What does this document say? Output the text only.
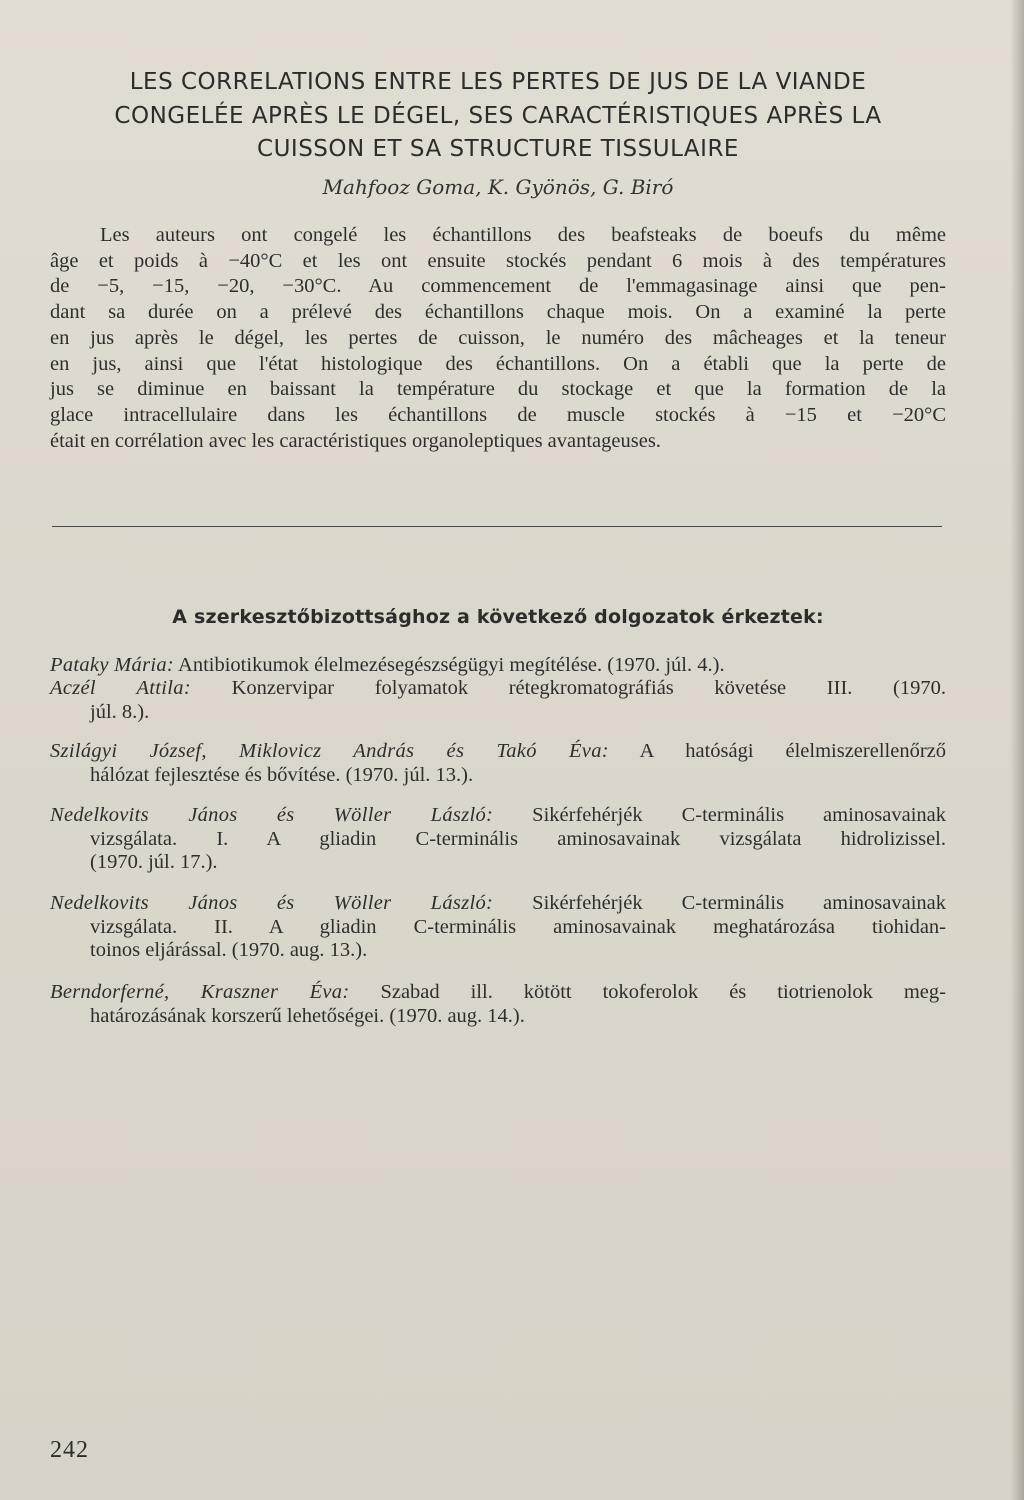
LES CORRELATIONS ENTRE LES PERTES DE JUS DE LA VIANDE
CONGELÉE APRÈS LE DÉGEL, SES CARACTÉRISTIQUES APRÈS LA
CUISSON ET SA STRUCTURE TISSULAIRE

Mahfooz Goma, K. Gyönös, G. Biró

Les auteurs ont congelé les échantillons des beafsteaks de boeufs du même
âge et poids à −40°C et les ont ensuite stockés pendant 6 mois à des températures
de −5, −15, −20, −30°C. Au commencement de l'emmagasinage ainsi que pen-
dant sa durée on a prélevé des échantillons chaque mois. On a examiné la perte
en jus après le dégel, les pertes de cuisson, le numéro des mâcheages et la teneur
en jus, ainsi que l'état histologique des échantillons. On a établi que la perte de
jus se diminue en baissant la température du stockage et que la formation de la
glace intracellulaire dans les échantillons de muscle stockés à −15 et −20°C
était en corrélation avec les caractéristiques organoleptiques avantageuses.
A szerkesztőbizottsághoz a következő dolgozatok érkeztek:
Pataky Mária: Antibiotikumok élelmezésegészségügyi megítélése. (1970. júl. 4.).
Aczél Attila: Konzervipar folyamatok rétegkromatográfiás követése III. (1970.
júl. 8.).
Szilágyi József, Miklovicz András és Takó Éva: A hatósági élelmiszerellenőrző
hálózat fejlesztése és bővítése. (1970. júl. 13.).
Nedelkovits János és Wöller László: Sikérfehérjék C-terminális aminosavainak
vizsgálata. I. A gliadin C-terminális aminosavainak vizsgálata hidrolizissel.
(1970. júl. 17.).
Nedelkovits János és Wöller László: Sikérfehérjék C-terminális aminosavainak
vizsgálata. II. A gliadin C-terminális aminosavainak meghatározása tiohidan-
toinos eljárással. (1970. aug. 13.).
Berndorferné, Kraszner Éva: Szabad ill. kötött tokoferolok és tiotrienolok meg-
határozásának korszerű lehetőségei. (1970. aug. 14.).

242
